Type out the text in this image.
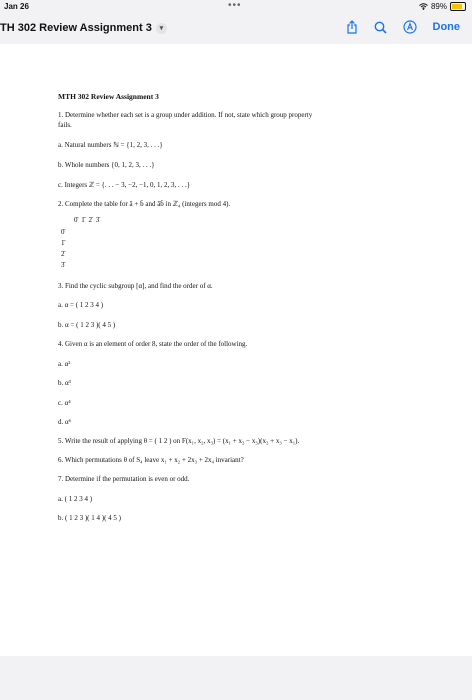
Jan 26	•••	89%
TH 302 Review Assignment 3	▾	Done
MTH 302 Review Assignment 3
1. Determine whether each set is a group under addition. If not, state which group property
fails.
a. Natural numbers ℕ = {1, 2, 3, . . .}
b. Whole numbers {0, 1, 2, 3, . . .}
c. Integers ℤ = {. . . − 3, −2, −1, 0, 1, 2, 3, . . .}
2. Complete the table for ā + b̄ and āb̄ in ℤ₄ (integers mod 4).
0̄ 1̄ 2̄ 3̄
0̄
1̄
2̄
3̄
3. Find the cyclic subgroup [α], and find the order of α.
a. α = ( 1 2 3 4 )
b. α = ( 1 2 3 )( 4 5 )
4. Given α is an element of order 8, state the order of the following.
a. α²
b. α³
c. α⁴
d. α⁶
5. Write the result of applying θ = ( 1 2 ) on F(x₁, x₂, x₃) = (x₁ + x₂ − x₃)(x₂ + x₃ − x₁).
6. Which permutations θ of S₄ leave x₁ + x₂ + 2x₃ + 2x₄ invariant?
7. Determine if the permutation is even or odd.
a. ( 1 2 3 4 )
b. ( 1 2 3 )( 1 4 )( 4 5 )
